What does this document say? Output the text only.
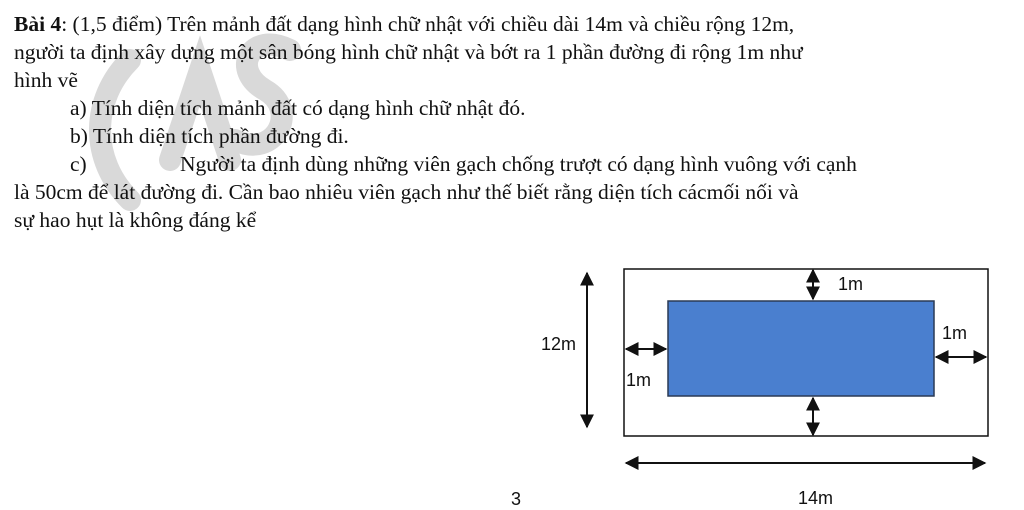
Bài 4: (1,5 điểm) Trên mảnh đất dạng hình chữ nhật với chiều dài 14m và chiều rộng 12m,
người ta định xây dựng một sân bóng hình chữ nhật và bớt ra 1 phần đường đi rộng 1m như
hình vẽ
a) Tính diện tích mảnh đất có dạng hình chữ nhật đó.
b) Tính diện tích phần đường đi.
c)	Người ta định dùng những viên gạch chống trượt có dạng hình vuông với cạnh
là 50cm để lát đường đi. Cần bao nhiêu viên gạch như thế biết rằng diện tích cácmối nối và
sự hao hụt là không đáng kể
12m
14m
1m
1m
1m
3
